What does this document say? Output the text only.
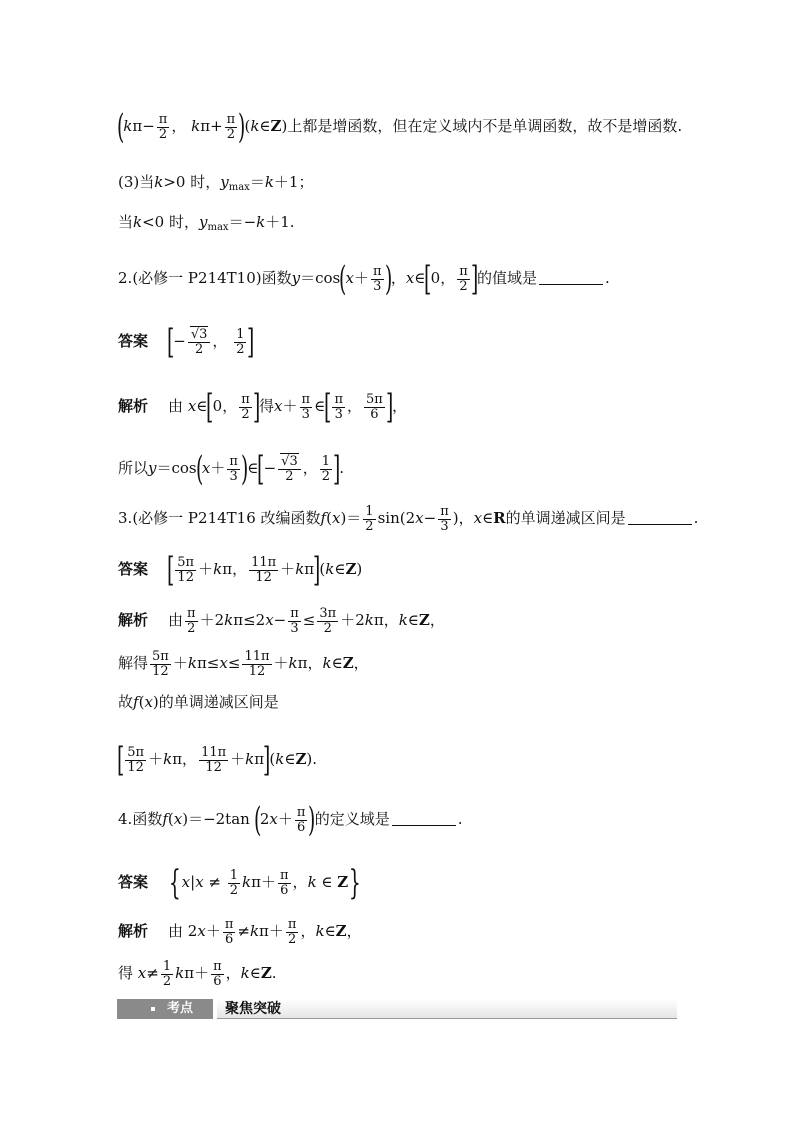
($k\pi- \frac{\pi}{2}$ ， $k\pi+ \frac{\pi}{2}$ )(k∈Z)上都是增函数，但在定义域内不是单调函数，故不是增函数.
(3)当k>0 时，$y_{max}=k+1$；
当k<0 时，$y_{max}=-k+1$.
2.(必修一 P214T10)函数$y=\cos(x+ \frac{\pi}{3}$ )，x∈[0， $\frac{\pi}{2}$ ]的值域是	.
答案 [− $\frac{√3}{2}$ ， $\frac{1}{2}$ ]
解析 由 x∈[0， $\frac{\pi}{2}$ ]得$x+ \frac{\pi}{3}$ ∈[ $\frac{\pi}{3}$ ， $\frac{5\pi}{6}$ ]，
所以$y=\cos(x+ \frac{\pi}{3}$ )∈[− $\frac{√3}{2}$ ， $\frac{1}{2}$ ].
3.(必修一 P214T16 改编函数$f(x)= \frac{1}{2} \sin(2x- \frac{\pi}{3}$ )，x∈R的单调递减区间是	.
答案 [ $\frac{5\pi}{12} +k\pi$， $\frac{11\pi}{12}$ ＋kπ](k∈Z)
解析 由 $\frac{\pi}{2} +2k\pi\le 2x- \frac{\pi}{3} \le \frac{3\pi}{2} +2k\pi$，k∈Z，
解得 $\frac{5\pi}{12} +k\pi\le x\le \frac{11\pi}{12} +k\pi$，k∈Z，
故f(x)的单调递减区间是
[ $\frac{5\pi}{12} +k\pi$， $\frac{11\pi}{12}$ ＋kπ](k∈Z).
4.函数f(x)＝−2tan ($2x+ \frac{\pi}{6}$ )的定义域是	.
答案 {$x|x \ne \frac{1}{2} k\pi+ \frac{\pi}{6}$ ，k ∈ Z}
解析 由 $2x+ \frac{\pi}{6} \ne k\pi+ \frac{\pi}{2}$ ，k∈Z，
得 $x\ne \frac{1}{2} k\pi+ \frac{\pi}{6}$ ，k∈Z.
考点	聚焦突破
